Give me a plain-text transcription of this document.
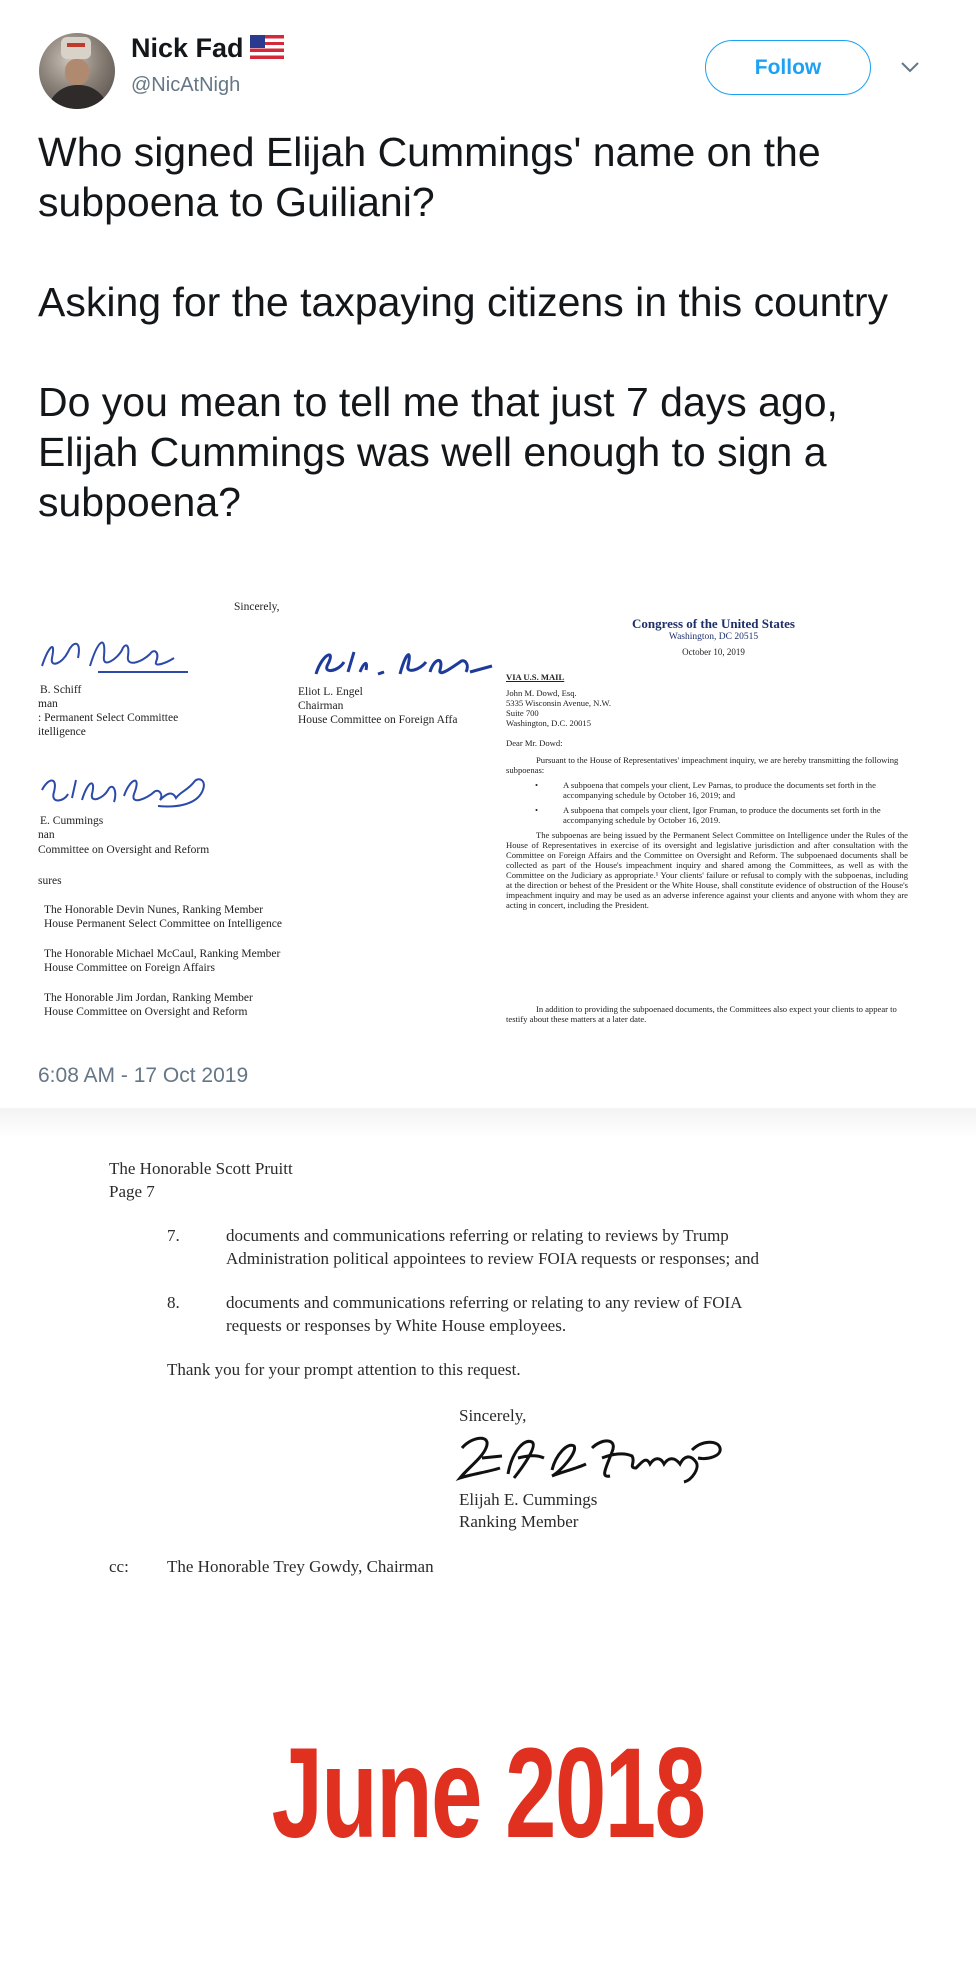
Nick Fad
@NicAtNigh
Follow

Who signed Elijah Cummings' name on the subpoena to Guiliani?

Asking for the taxpaying citizens in this country

Do you mean to tell me that just 7 days ago, Elijah Cummings was well enough to sign a subpoena?

Sincerely,
B. Schiff
man
: Permanent Select Committee
itelligence
Eliot L. Engel
Chairman
House Committee on Foreign Affa
E. Cummings
nan
Committee on Oversight and Reform
sures
The Honorable Devin Nunes, Ranking Member
House Permanent Select Committee on Intelligence
The Honorable Michael McCaul, Ranking Member
House Committee on Foreign Affairs
The Honorable Jim Jordan, Ranking Member
House Committee on Oversight and Reform
Congress of the United States
Washington, DC 20515
October 10, 2019
VIA U.S. MAIL
John M. Dowd, Esq.
5335 Wisconsin Avenue, N.W.
Suite 700
Washington, D.C. 20015
Dear Mr. Dowd:
Pursuant to the House of Representatives' impeachment inquiry, we are hereby transmitting the following subpoenas:
•	A subpoena that compels your client, Lev Parnas, to produce the documents set forth in the accompanying schedule by October 16, 2019; and
•	A subpoena that compels your client, Igor Fruman, to produce the documents set forth in the accompanying schedule by October 16, 2019.
The subpoenas are being issued by the Permanent Select Committee on Intelligence under the Rules of the House of Representatives in exercise of its oversight and legislative jurisdiction and after consultation with the Committee on Foreign Affairs and the Committee on Oversight and Reform. The subpoenaed documents shall be collected as part of the House's impeachment inquiry and shared among the Committees, as well as with the Committee on the Judiciary as appropriate.¹ Your clients' failure or refusal to comply with the subpoenas, including at the direction or behest of the President or the White House, shall constitute evidence of obstruction of the House's impeachment inquiry and may be used as an adverse inference against your clients and anyone with whom they are acting in concert, including the President.
In addition to providing the subpoenaed documents, the Committees also expect your clients to appear to testify about these matters at a later date.
6:08 AM - 17 Oct 2019
The Honorable Scott Pruitt
Page 7
7.	documents and communications referring or relating to reviews by Trump
Administration political appointees to review FOIA requests or responses; and
8.	documents and communications referring or relating to any review of FOIA
requests or responses by White House employees.
Thank you for your prompt attention to this request.
Sincerely,
Elijah E. Cummings
Ranking Member
cc: The Honorable Trey Gowdy, Chairman
June 2018
